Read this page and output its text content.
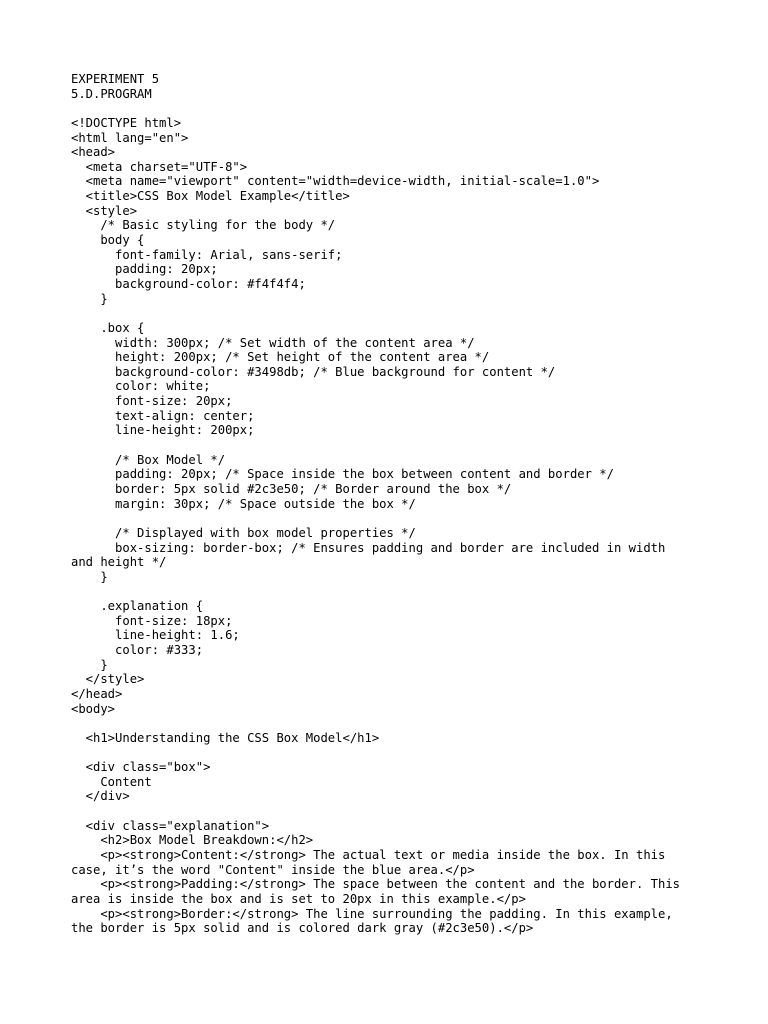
EXPERIMENT 5
5.D.PROGRAM
<!DOCTYPE html>
<html lang="en">
<head>
<meta charset="UTF-8">
<meta name="viewport" content="width=device-width, initial-scale=1.0">
<title>CSS Box Model Example</title>
<style>
/* Basic styling for the body */
body {
font-family: Arial, sans-serif;
padding: 20px;
background-color: #f4f4f4;
}
.box {
width: 300px; /* Set width of the content area */
height: 200px; /* Set height of the content area */
background-color: #3498db; /* Blue background for content */
color: white;
font-size: 20px;
text-align: center;
line-height: 200px;
/* Box Model */
padding: 20px; /* Space inside the box between content and border */
border: 5px solid #2c3e50; /* Border around the box */
margin: 30px; /* Space outside the box */
/* Displayed with box model properties */
box-sizing: border-box; /* Ensures padding and border are included in width
and height */
}
.explanation {
font-size: 18px;
line-height: 1.6;
color: #333;
}
</style>
</head>
<body>
<h1>Understanding the CSS Box Model</h1>
<div class="box">
Content
</div>
<div class="explanation">
<h2>Box Model Breakdown:</h2>
<p><strong>Content:</strong> The actual text or media inside the box. In this
case, it’s the word "Content" inside the blue area.</p>
<p><strong>Padding:</strong> The space between the content and the border. This
area is inside the box and is set to 20px in this example.</p>
<p><strong>Border:</strong> The line surrounding the padding. In this example,
the border is 5px solid and is colored dark gray (#2c3e50).</p>
